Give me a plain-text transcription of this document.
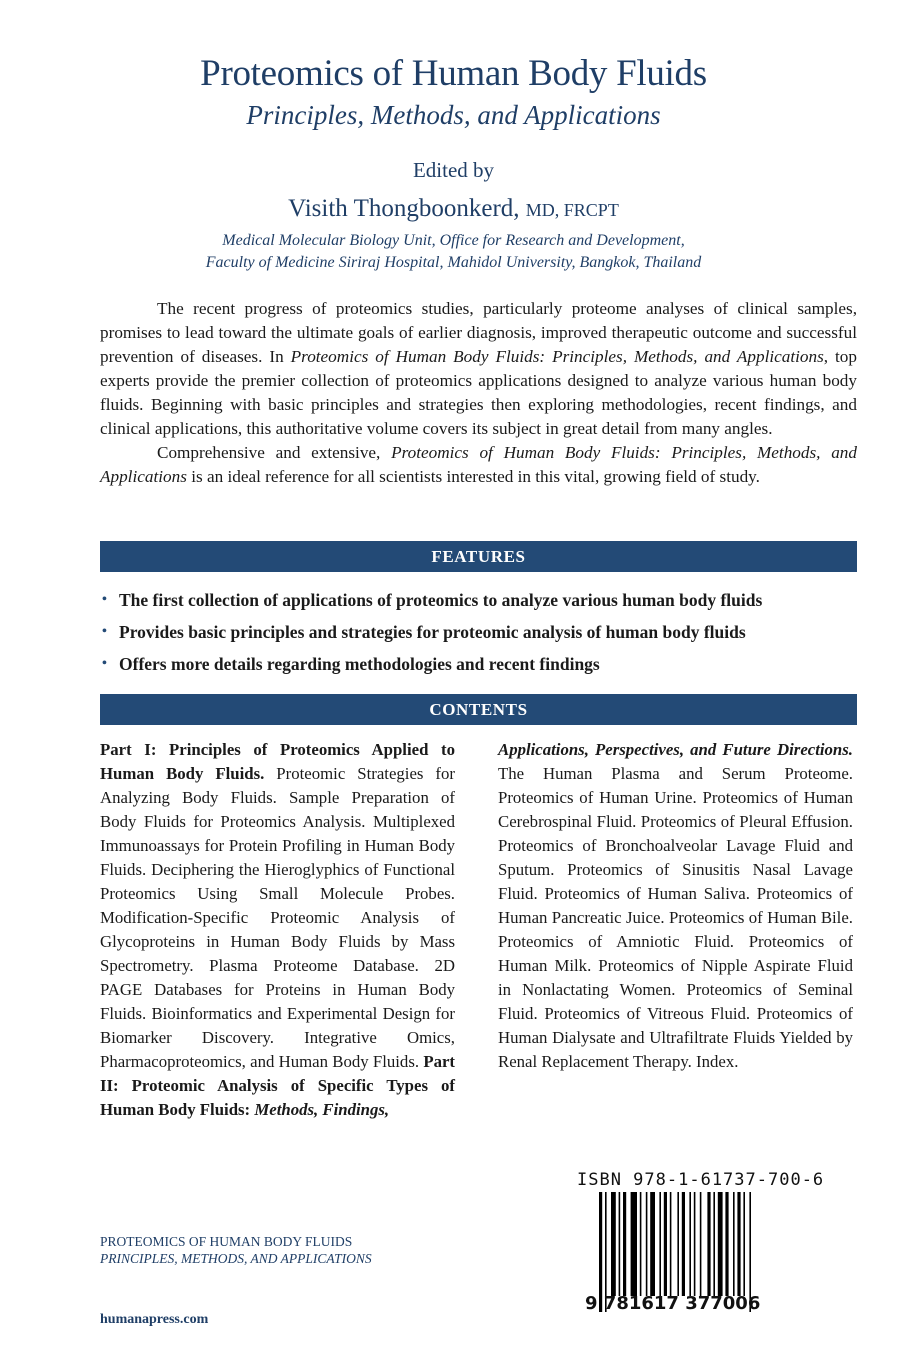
Proteomics of Human Body Fluids
Principles, Methods, and Applications
Edited by
Visith Thongboonkerd, MD, FRCPT
Medical Molecular Biology Unit, Office for Research and Development,
Faculty of Medicine Siriraj Hospital, Mahidol University, Bangkok, Thailand

The recent progress of proteomics studies, particularly proteome analyses of clinical samples, promises to lead toward the ultimate goals of earlier diagnosis, improved therapeutic outcome and successful prevention of diseases. In Proteomics of Human Body Fluids: Principles, Methods, and Applications, top experts provide the premier collection of proteomics applications designed to analyze various human body fluids. Beginning with basic principles and strategies then exploring methodologies, recent findings, and clinical applications, this authoritative volume covers its subject in great detail from many angles.

Comprehensive and extensive, Proteomics of Human Body Fluids: Principles, Methods, and Applications is an ideal reference for all scientists interested in this vital, growing field of study.

FEATURES
• The first collection of applications of proteomics to analyze various human body fluids
• Provides basic principles and strategies for proteomic analysis of human body fluids
• Offers more details regarding methodologies and recent findings
CONTENTS
Part I: Principles of Proteomics Applied to Human Body Fluids. Proteomic Strategies for Analyzing Body Fluids. Sample Preparation of Body Fluids for Proteomics Analysis. Multiplexed Immunoassays for Protein Profiling in Human Body Fluids. Deciphering the Hieroglyphics of Functional Proteomics Using Small Molecule Probes. Modification-Specific Proteomic Analysis of Glycoproteins in Human Body Fluids by Mass Spectrometry. Plasma Proteome Database. 2D PAGE Databases for Proteins in Human Body Fluids. Bioinformatics and Experimental Design for Biomarker Discovery. Integrative Omics, Pharmacoproteomics, and Human Body Fluids. Part II: Proteomic Analysis of Specific Types of Human Body Fluids: Methods, Findings,
Applications, Perspectives, and Future Directions. The Human Plasma and Serum Proteome. Proteomics of Human Urine. Proteomics of Human Cerebrospinal Fluid. Proteomics of Pleural Effusion. Proteomics of Bronchoalveolar Lavage Fluid and Sputum. Proteomics of Sinusitis Nasal Lavage Fluid. Proteomics of Human Saliva. Proteomics of Human Pancreatic Juice. Proteomics of Human Bile. Proteomics of Amniotic Fluid. Proteomics of Human Milk. Proteomics of Nipple Aspirate Fluid in Nonlactating Women. Proteomics of Seminal Fluid. Proteomics of Vitreous Fluid. Proteomics of Human Dialysate and Ultrafiltrate Fluids Yielded by Renal Replacement Therapy. Index.
ISBN 978-1-61737-700-6
9 781617 377006
PROTEOMICS OF HUMAN BODY FLUIDS
PRINCIPLES, METHODS, AND APPLICATIONS
humanapress.com
